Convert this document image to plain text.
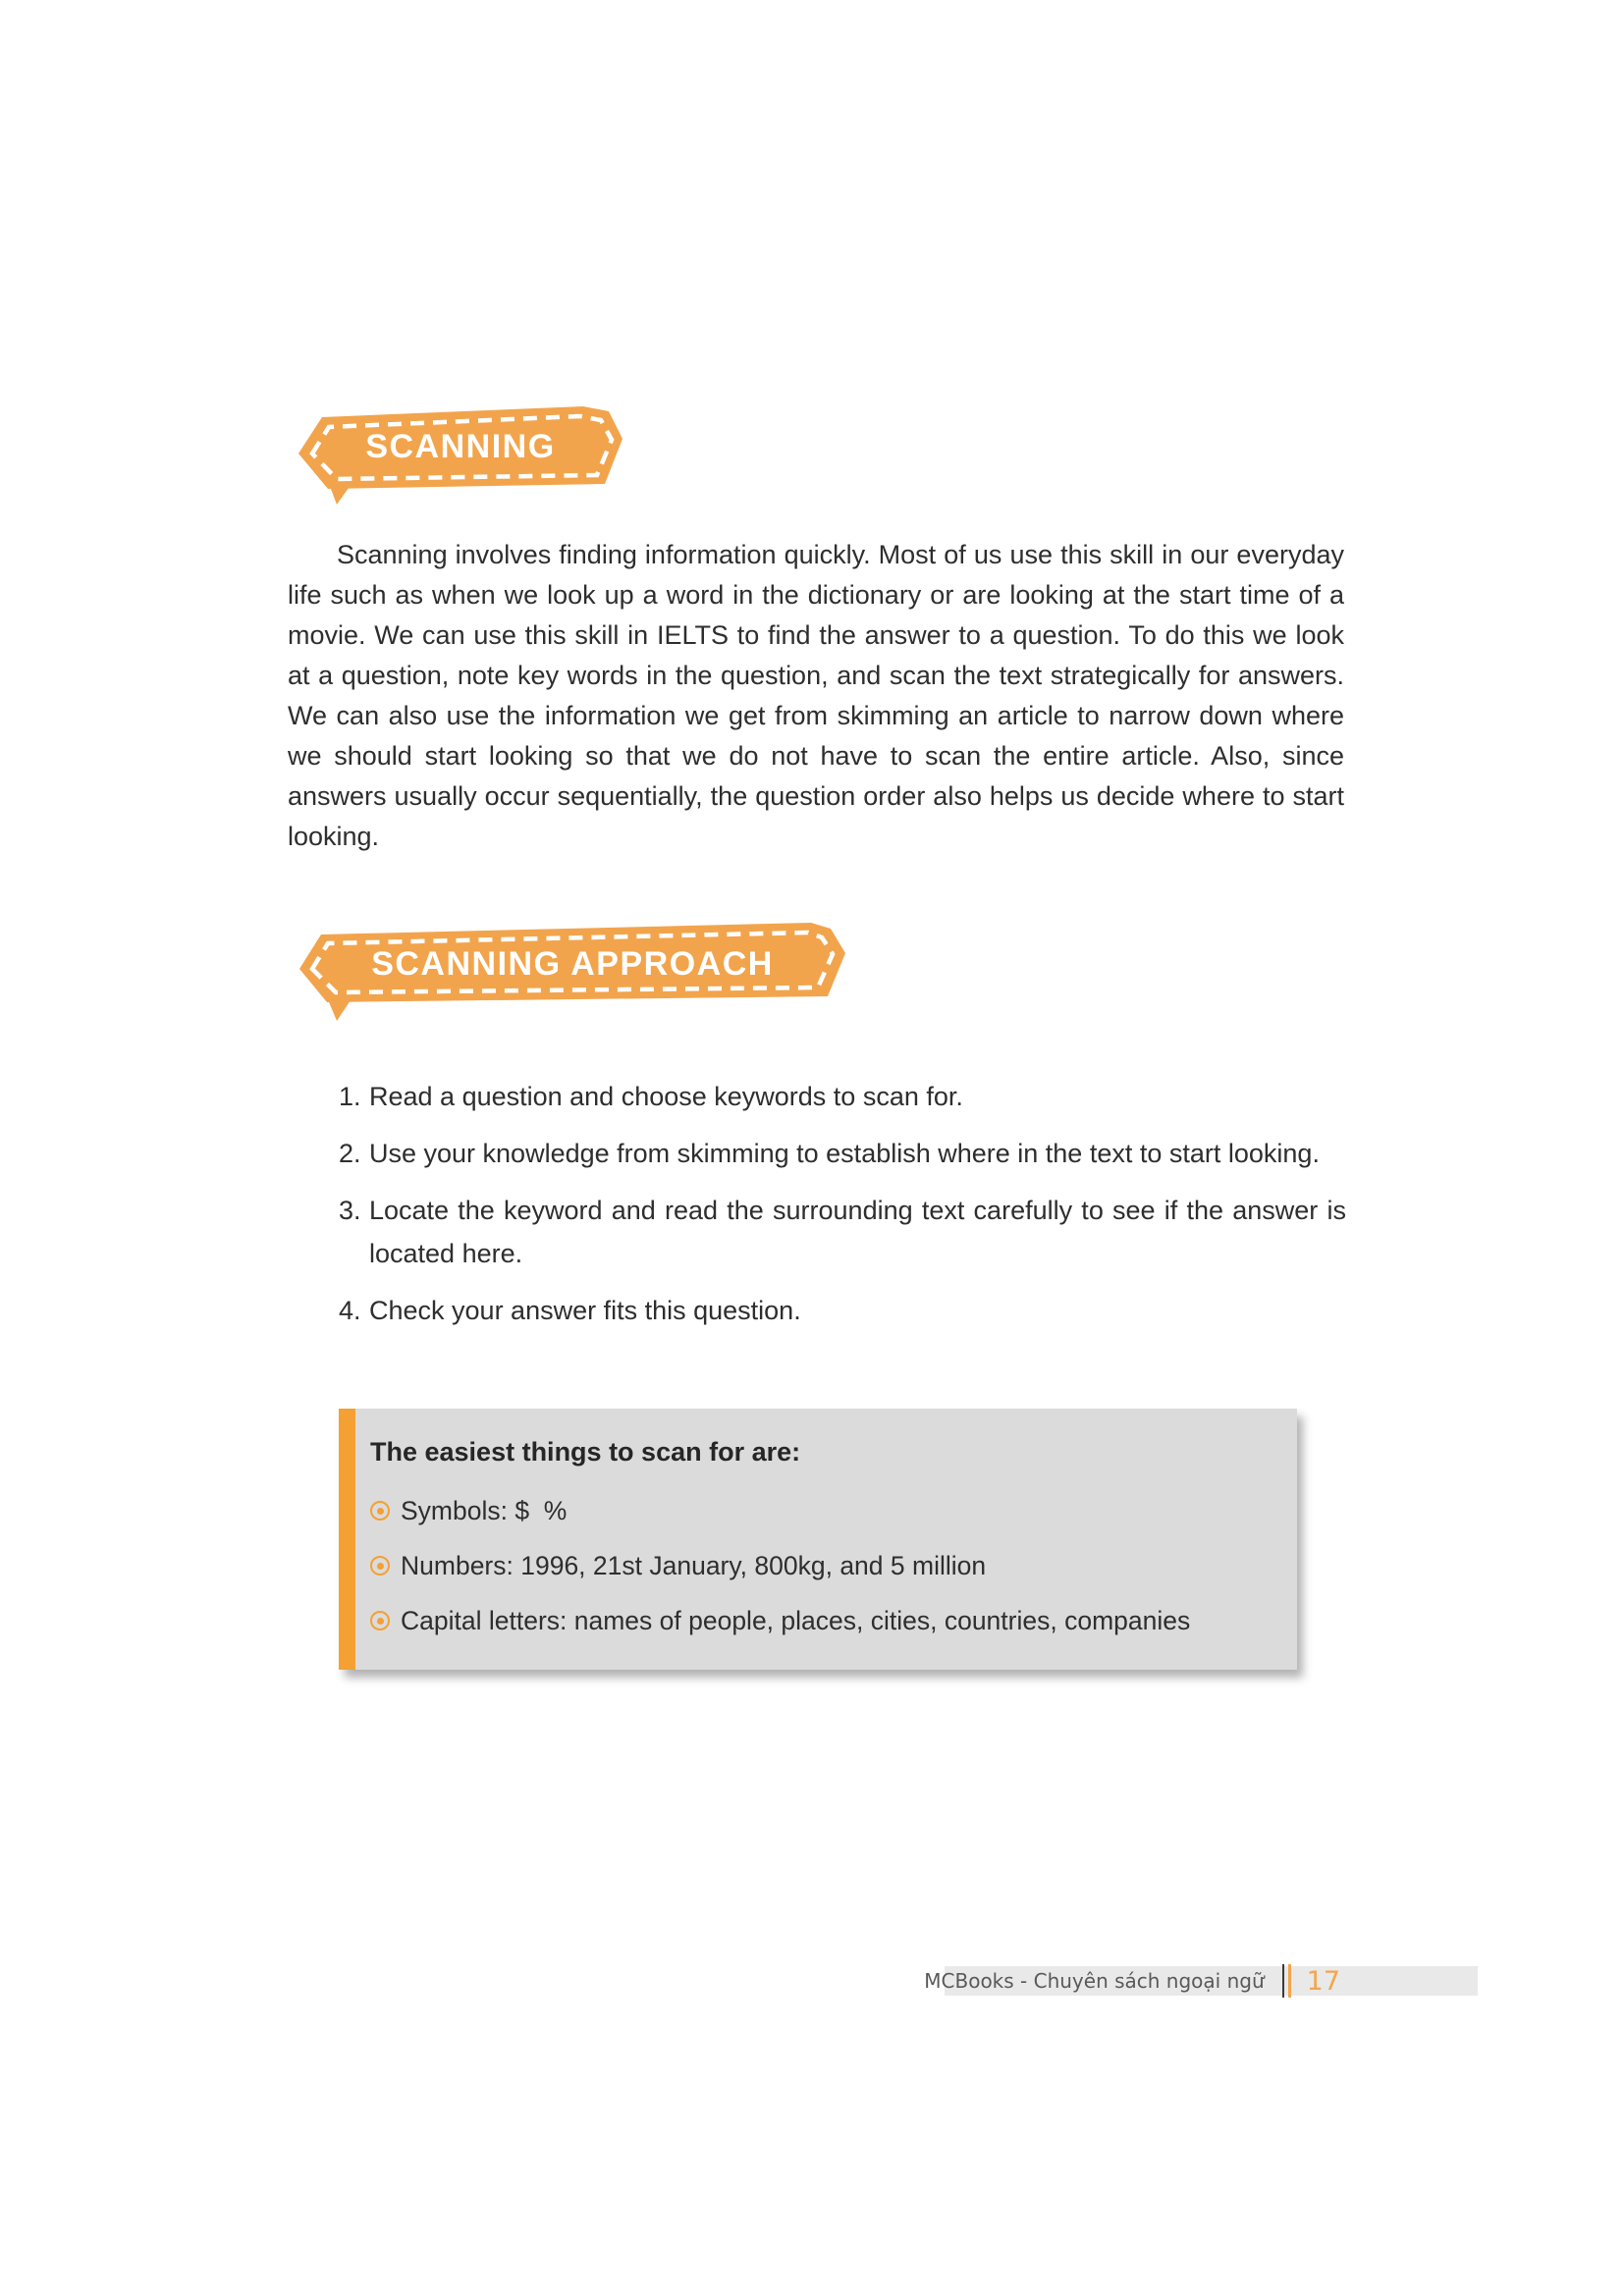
SCANNING

Scanning involves finding information quickly. Most of us use this skill in our everyday life such as when we look up a word in the dictionary or are looking at the start time of a movie. We can use this skill in IELTS to find the answer to a question. To do this we look at a question, note key words in the question, and scan the text strategically for answers. We can also use the information we get from skimming an article to narrow down where we should start looking so that we do not have to scan the entire article. Also, since answers usually occur sequentially, the question order also helps us decide where to start looking.

SCANNING APPROACH
1. Read a question and choose keywords to scan for.
2. Use your knowledge from skimming to establish where in the text to start looking.
3. Locate the keyword and read the surrounding text carefully to see if the answer is located here.
4. Check your answer fits this question.

The easiest things to scan for are:

Symbols: $  %
Numbers: 1996, 21st January, 800kg, and 5 million
Capital letters: names of people, places, cities, countries, companies
MCBooks - Chuyên sách ngoại ngữ 17
